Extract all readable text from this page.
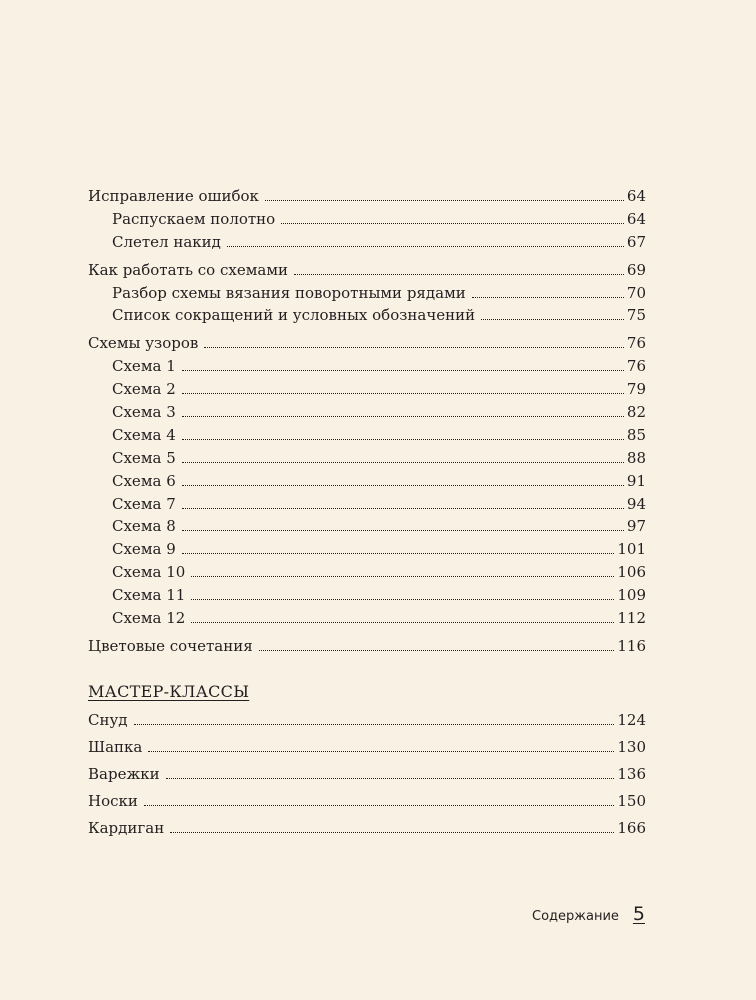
Исправление ошибок	64
Распускаем полотно	64
Слетел накид	67
Как работать со схемами	69
Разбор схемы вязания поворотными рядами	70
Список сокращений и условных обозначений	75
Схемы узоров	76
Схема 1	76
Схема 2	79
Схема 3	82
Схема 4	85
Схема 5	88
Схема 6	91
Схема 7	94
Схема 8	97
Схема 9	101
Схема 10	106
Схема 11	109
Схема 12	112
Цветовые сочетания	116
МАСТЕР-КЛАССЫ
Снуд	124
Шапка	130
Варежки	136
Носки	150
Кардиган	166
Содержание 5
